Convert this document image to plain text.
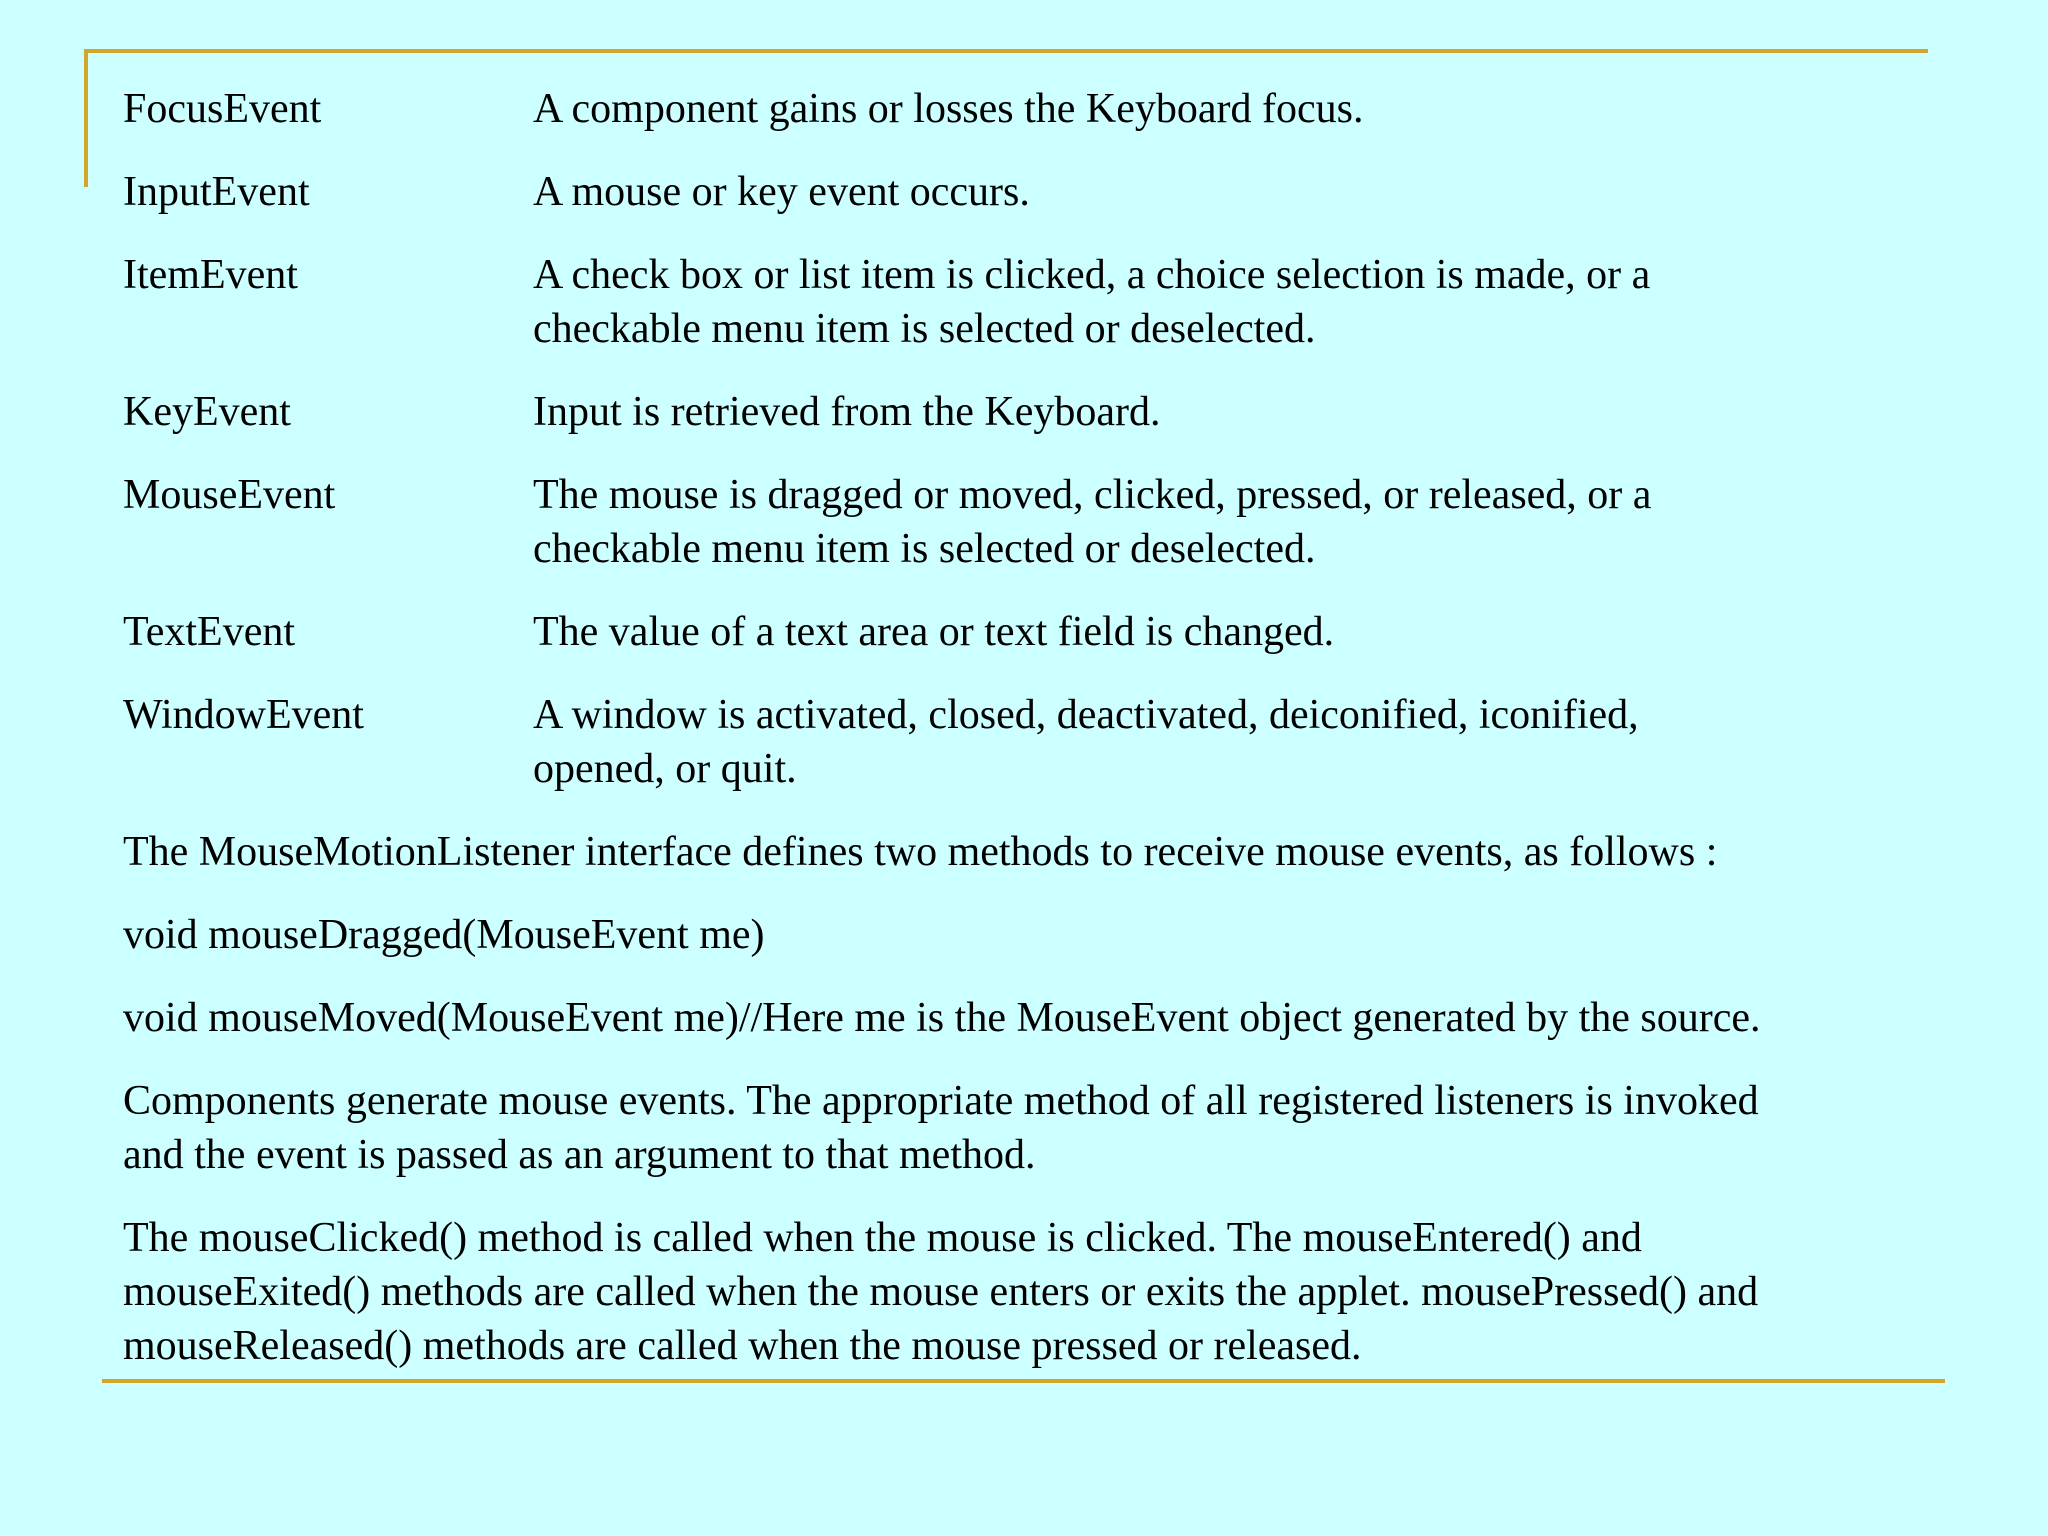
FocusEvent	A component gains or losses the Keyboard focus.
InputEvent	A mouse or key event occurs.
ItemEvent	A check box or list item is clicked, a choice selection is made, or a
checkable menu item is selected or deselected.
KeyEvent	Input is retrieved from the Keyboard.
MouseEvent	The mouse is dragged or moved, clicked, pressed, or released, or a
checkable menu item is selected or deselected.
TextEvent	The value of a text area or text field is changed.
WindowEvent	A window is activated, closed, deactivated, deiconified, iconified,
opened, or quit.
The MouseMotionListener interface defines two methods to receive mouse events, as follows :
void mouseDragged(MouseEvent me)
void mouseMoved(MouseEvent me)//Here me is the MouseEvent object generated by the source.
Components generate mouse events. The appropriate method of all registered listeners is invoked
and the event is passed as an argument to that method.
The mouseClicked() method is called when the mouse is clicked. The mouseEntered() and
mouseExited() methods are called when the mouse enters or exits the applet. mousePressed() and
mouseReleased() methods are called when the mouse pressed or released.
